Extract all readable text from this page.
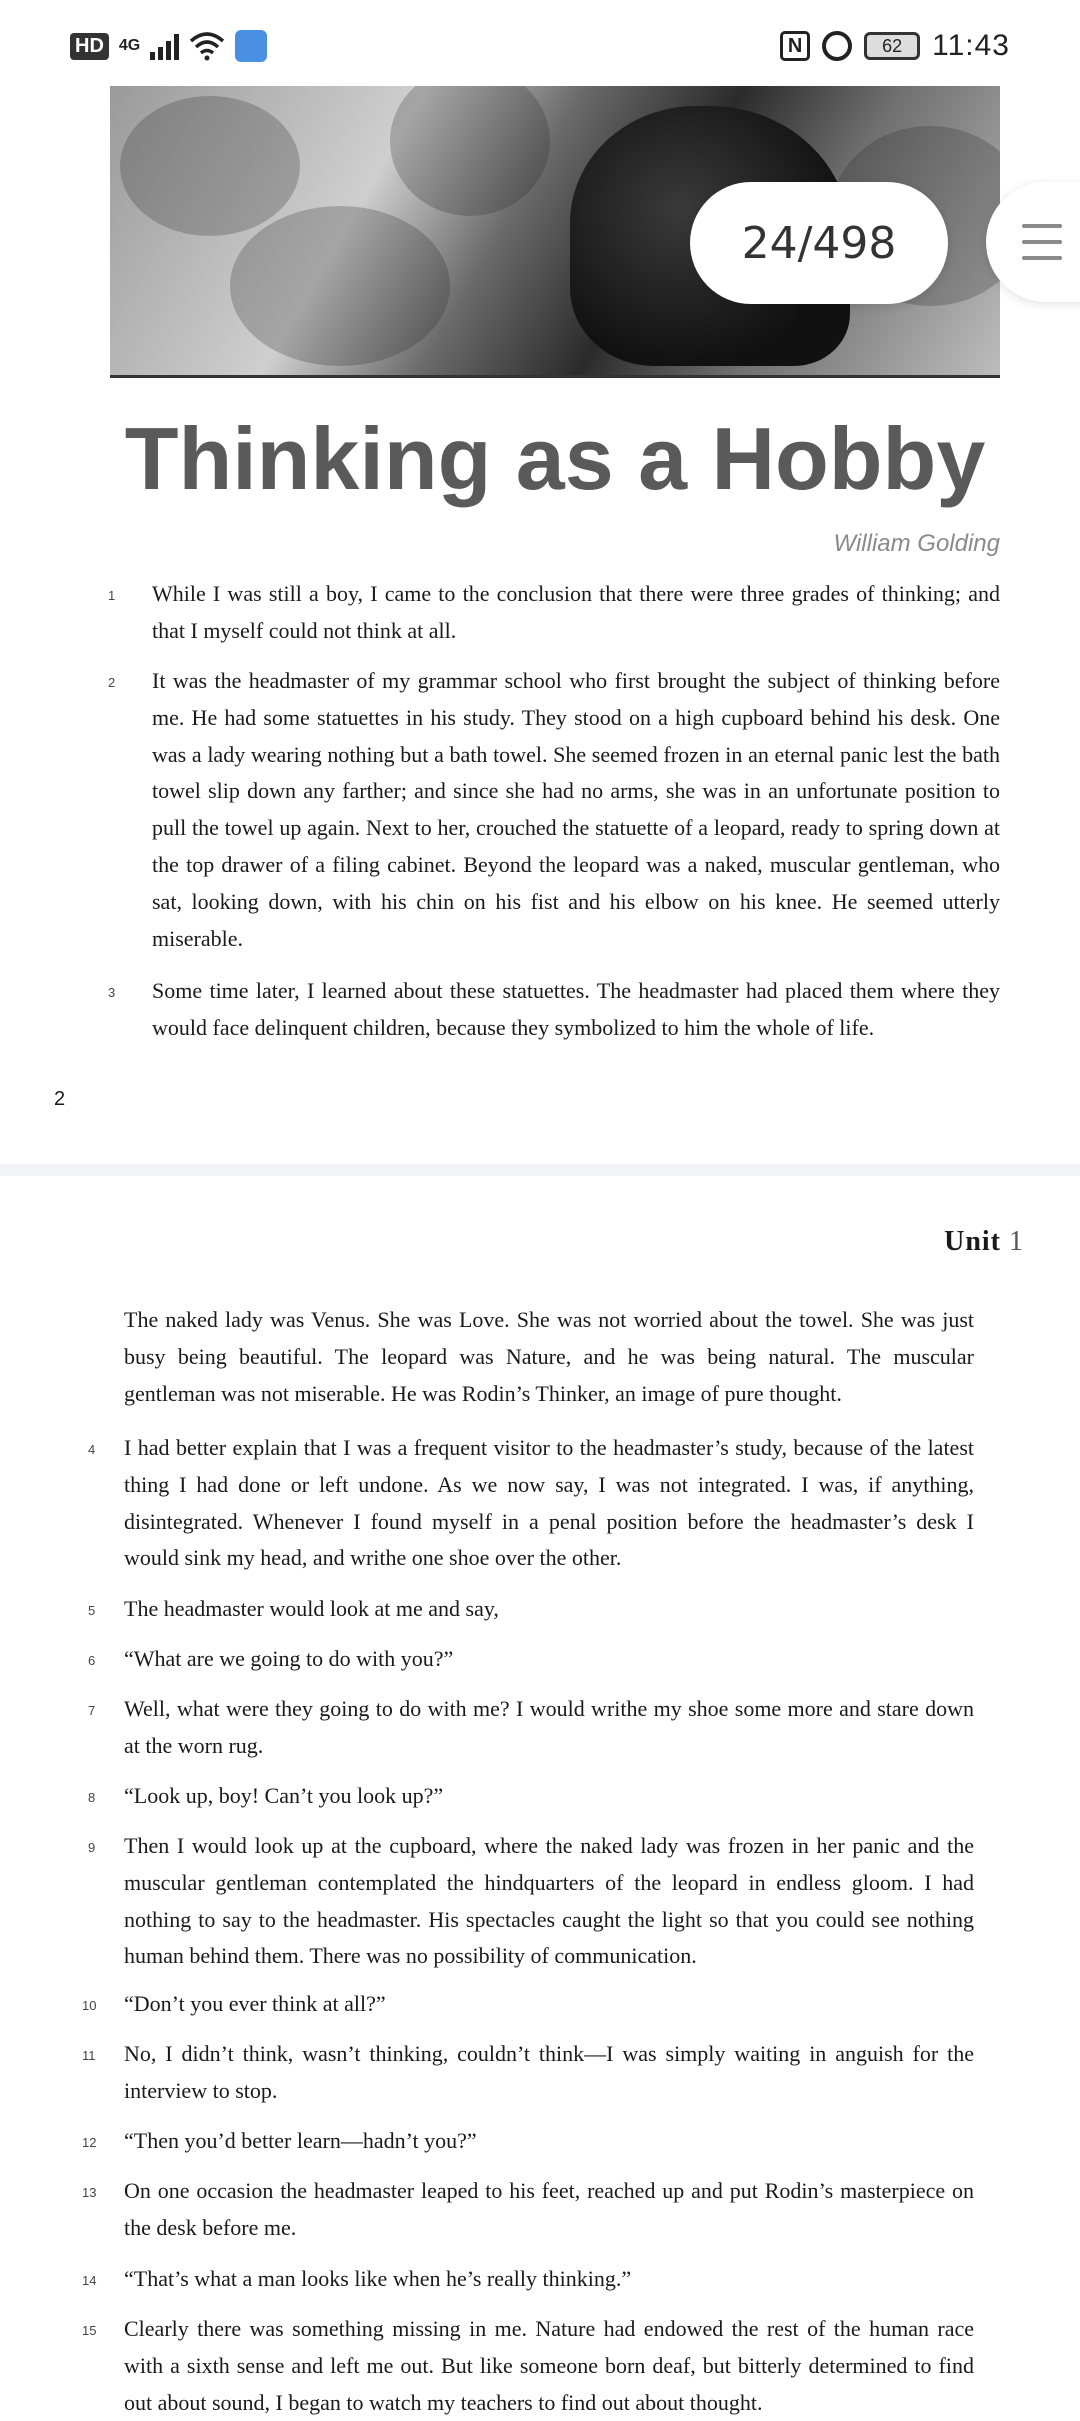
HD 4G	N	62 11:43
24/498
Thinking as a Hobby
William Golding
1 While I was still a boy, I came to the conclusion that there were three grades of thinking; and that I myself could not think at all.
2 It was the headmaster of my grammar school who first brought the subject of thinking before me. He had some statuettes in his study. They stood on a high cupboard behind his desk. One was a lady wearing nothing but a bath towel. She seemed frozen in an eternal panic lest the bath towel slip down any farther; and since she had no arms, she was in an unfortunate position to pull the towel up again. Next to her, crouched the statuette of a leopard, ready to spring down at the top drawer of a filing cabinet. Beyond the leopard was a naked, muscular gentleman, who sat, looking down, with his chin on his fist and his elbow on his knee. He seemed utterly miserable.
3 Some time later, I learned about these statuettes. The headmaster had placed them where they would face delinquent children, because they symbolized to him the whole of life.
2
Unit 1
The naked lady was Venus. She was Love. She was not worried about the towel. She was just busy being beautiful. The leopard was Nature, and he was being natural. The muscular gentleman was not miserable. He was Rodin’s Thinker, an image of pure thought.
4 I had better explain that I was a frequent visitor to the headmaster’s study, because of the latest thing I had done or left undone. As we now say, I was not integrated. I was, if anything, disintegrated. Whenever I found myself in a penal position before the headmaster’s desk I would sink my head, and writhe one shoe over the other.
5 The headmaster would look at me and say,
6 “What are we going to do with you?”
7 Well, what were they going to do with me? I would writhe my shoe some more and stare down at the worn rug.
8 “Look up, boy! Can’t you look up?”
9 Then I would look up at the cupboard, where the naked lady was frozen in her panic and the muscular gentleman contemplated the hindquarters of the leopard in endless gloom. I had nothing to say to the headmaster. His spectacles caught the light so that you could see nothing human behind them. There was no possibility of communication.
10 “Don’t you ever think at all?”
11 No, I didn’t think, wasn’t thinking, couldn’t think—I was simply waiting in anguish for the interview to stop.
12 “Then you’d better learn—hadn’t you?”
13 On one occasion the headmaster leaped to his feet, reached up and put Rodin’s masterpiece on the desk before me.
14 “That’s what a man looks like when he’s really thinking.”
15 Clearly there was something missing in me. Nature had endowed the rest of the human race with a sixth sense and left me out. But like someone born deaf, but bitterly determined to find out about sound, I began to watch my teachers to find out about thought.
